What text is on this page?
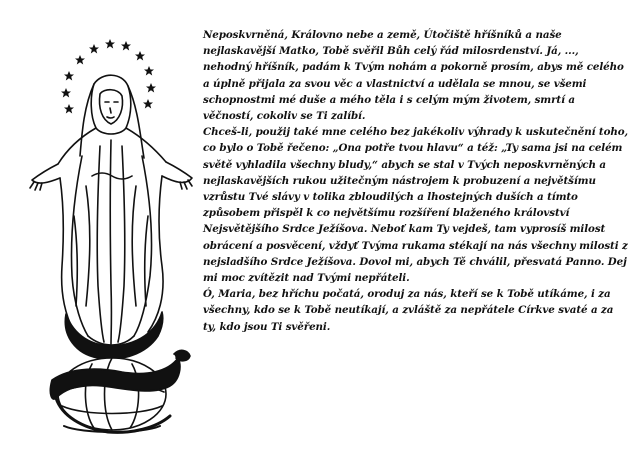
Neposkvrněná, Královno nebe a země, Útočiště hříšníků a naše nejlaskavější Matko, Tobě svěřil Bůh celý řád milosrdenství. Já, ..., nehodný hříšník, padám k Tvým nohám a pokorně prosím, abys mě celého a úplně přijala za svou věc a vlastnictví a udělala se mnou, se všemi schopnostmi mé duše a mého těla i s celým mým životem, smrtí a věčností, cokoliv se Ti zalíbí.

Chceš-li, použij také mne celého bez jakékoliv výhrady k uskutečnění toho, co bylo o Tobě řečeno: „Ona potře tvou hlavu“ a též: „Ty sama jsi na celém světě vyhladila všechny bludy,“ abych se stal v Tvých neposkvrněných a nejlaskavějších rukou užitečným nástrojem k probuzení a největšímu vzrůstu Tvé slávy v tolika zbloudilých a lhostejných duších a tímto způsobem přispěl k co největšímu rozšíření blaženého království Nejsvětějšího Srdce Ježíšova. Neboť kam Ty vejdeš, tam vyprosíš milost obrácení a posvěcení, vždyť Tvýma rukama stékají na nás všechny milosti z nejsladšího Srdce Ježíšova. Dovol mi, abych Tě chválil, přesvatá Panno. Dej mi moc zvítězit nad Tvými nepřáteli.

Ó, Maria, bez hříchu počatá, oroduj za nás, kteří se k Tobě utíkáme, i za všechny, kdo se k Tobě neutíkají, a zvláště za nepřátele Církve svaté a za ty, kdo jsou Ti svěřeni.
